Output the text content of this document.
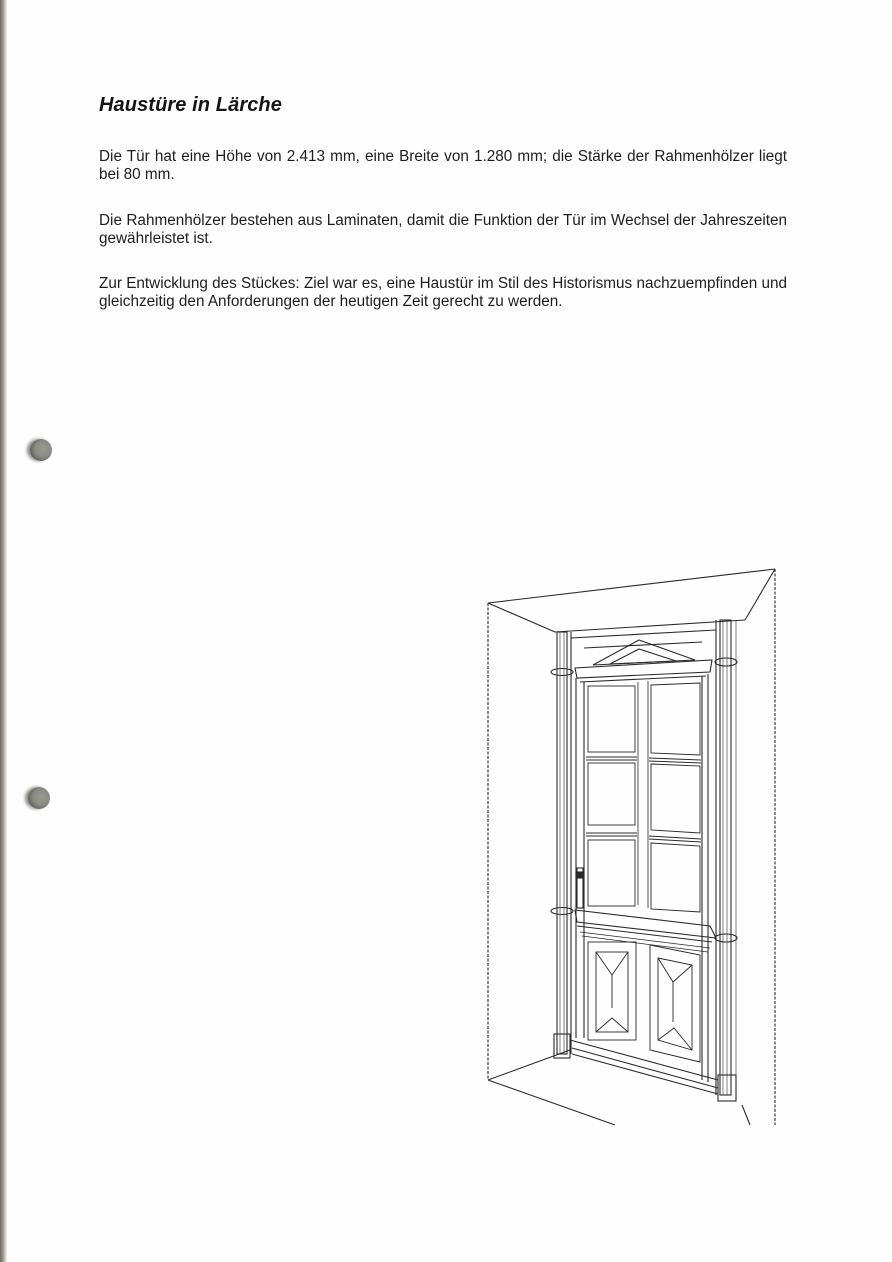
Haustüre in Lärche

Die Tür hat eine Höhe von 2.413 mm, eine Breite von 1.280 mm; die Stärke der Rahmenhölzer liegt bei 80 mm.

Die Rahmenhölzer bestehen aus Laminaten, damit die Funktion der Tür im Wechsel der Jahreszeiten gewährleistet ist.

Zur Entwicklung des Stückes: Ziel war es, eine Haustür im Stil des Historismus nachzuempfinden und gleichzeitig den Anforderungen der heutigen Zeit gerecht zu werden.
